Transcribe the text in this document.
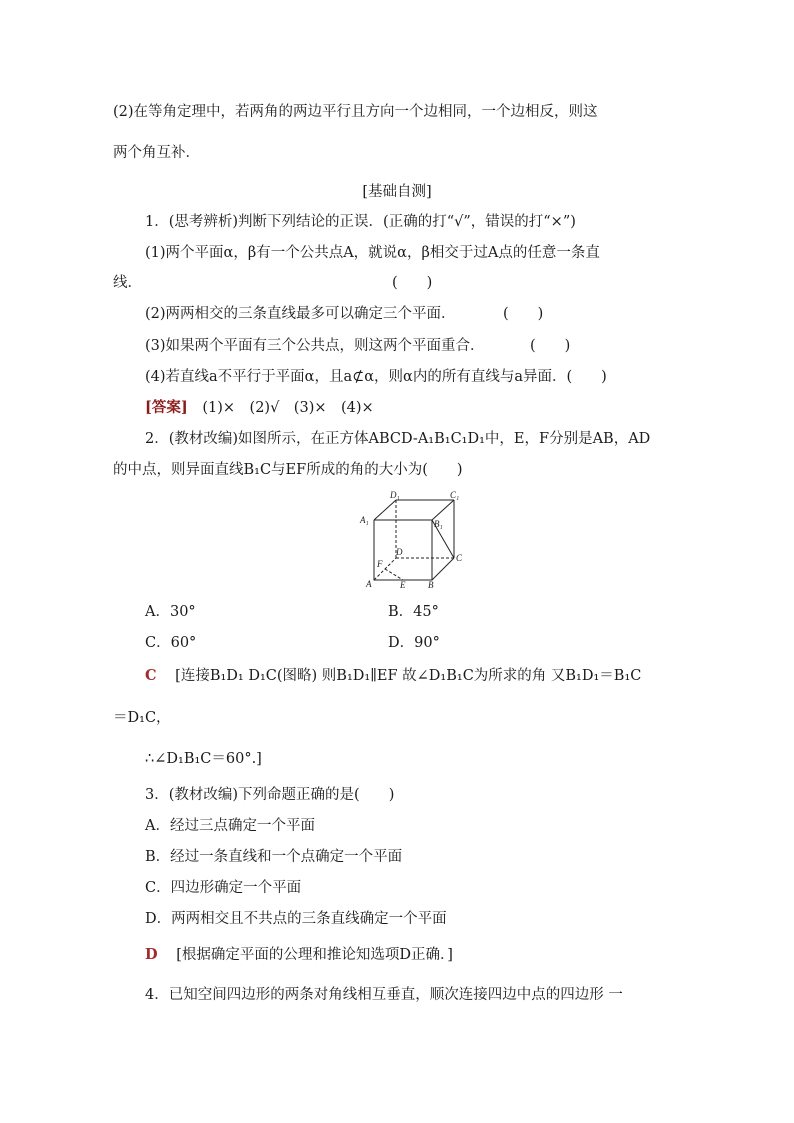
(2)在等角定理中，若两角的两边平行且方向一个边相同，一个边相反，则这
两个角互补．
[基础自测]
1．(思考辨析)判断下列结论的正误．(正确的打“√”，错误的打“×”)
(1)两个平面α，β有一个公共点A，就说α，β相交于过A点的任意一条直
线．	(　　)
(2)两两相交的三条直线最多可以确定三个平面．	(　　)
(3)如果两个平面有三个公共点，则这两个平面重合．	(　　)
(4)若直线a不平行于平面α，且a⊄α，则α内的所有直线与a异面．(　　)
[答案] (1)×　(2)√　(3)×　(4)×
2．(教材改编)如图所示，在正方体ABCD-A₁B₁C₁D₁中，E，F分别是AB，AD
的中点，则异面直线B₁C与EF所成的角的大小为(　　)
D₁	C₁
A₁	B₁
D
C
F
A	E	B
A．30°	B．45°
C．60°	D．90°
C [连接B₁D₁ D₁C(图略) 则B₁D₁∥EF 故∠D₁B₁C为所求的角 又B₁D₁＝B₁C
＝D₁C，
∴∠D₁B₁C＝60°.]
3．(教材改编)下列命题正确的是(　　)
A．经过三点确定一个平面
B．经过一条直线和一个点确定一个平面
C．四边形确定一个平面
D．两两相交且不共点的三条直线确定一个平面
D [根据确定平面的公理和推论知选项D正确．]
4．已知空间四边形的两条对角线相互垂直，顺次连接四边中点的四边形 一
